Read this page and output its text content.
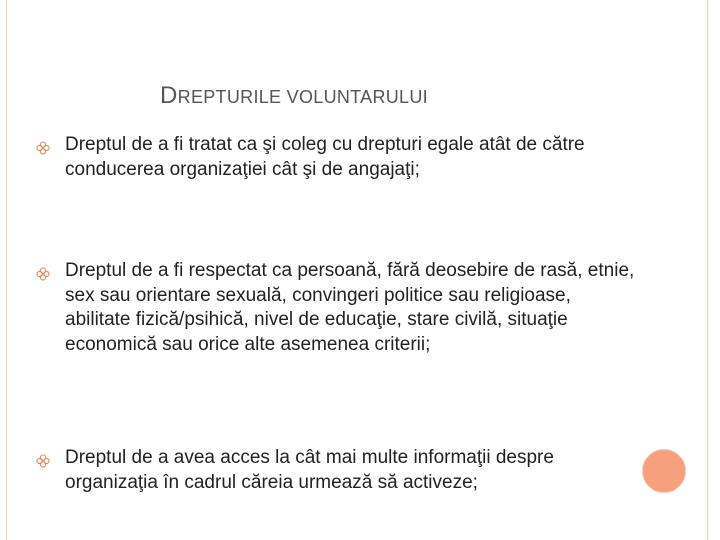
DREPTURILE VOLUNTARULUI

Dreptul de a fi tratat ca şi coleg cu drepturi egale atât de către conducerea organizaţiei cât şi de angajaţi;

Dreptul de a fi respectat ca persoană, fără deosebire de rasă, etnie, sex sau orientare sexuală, convingeri politice sau religioase, abilitate fizică/psihică, nivel de educaţie, stare civilă, situaţie economică sau orice alte asemenea criterii;

Dreptul de a avea acces la cât mai multe informaţii despre organizaţia în cadrul căreia urmează să activeze;
